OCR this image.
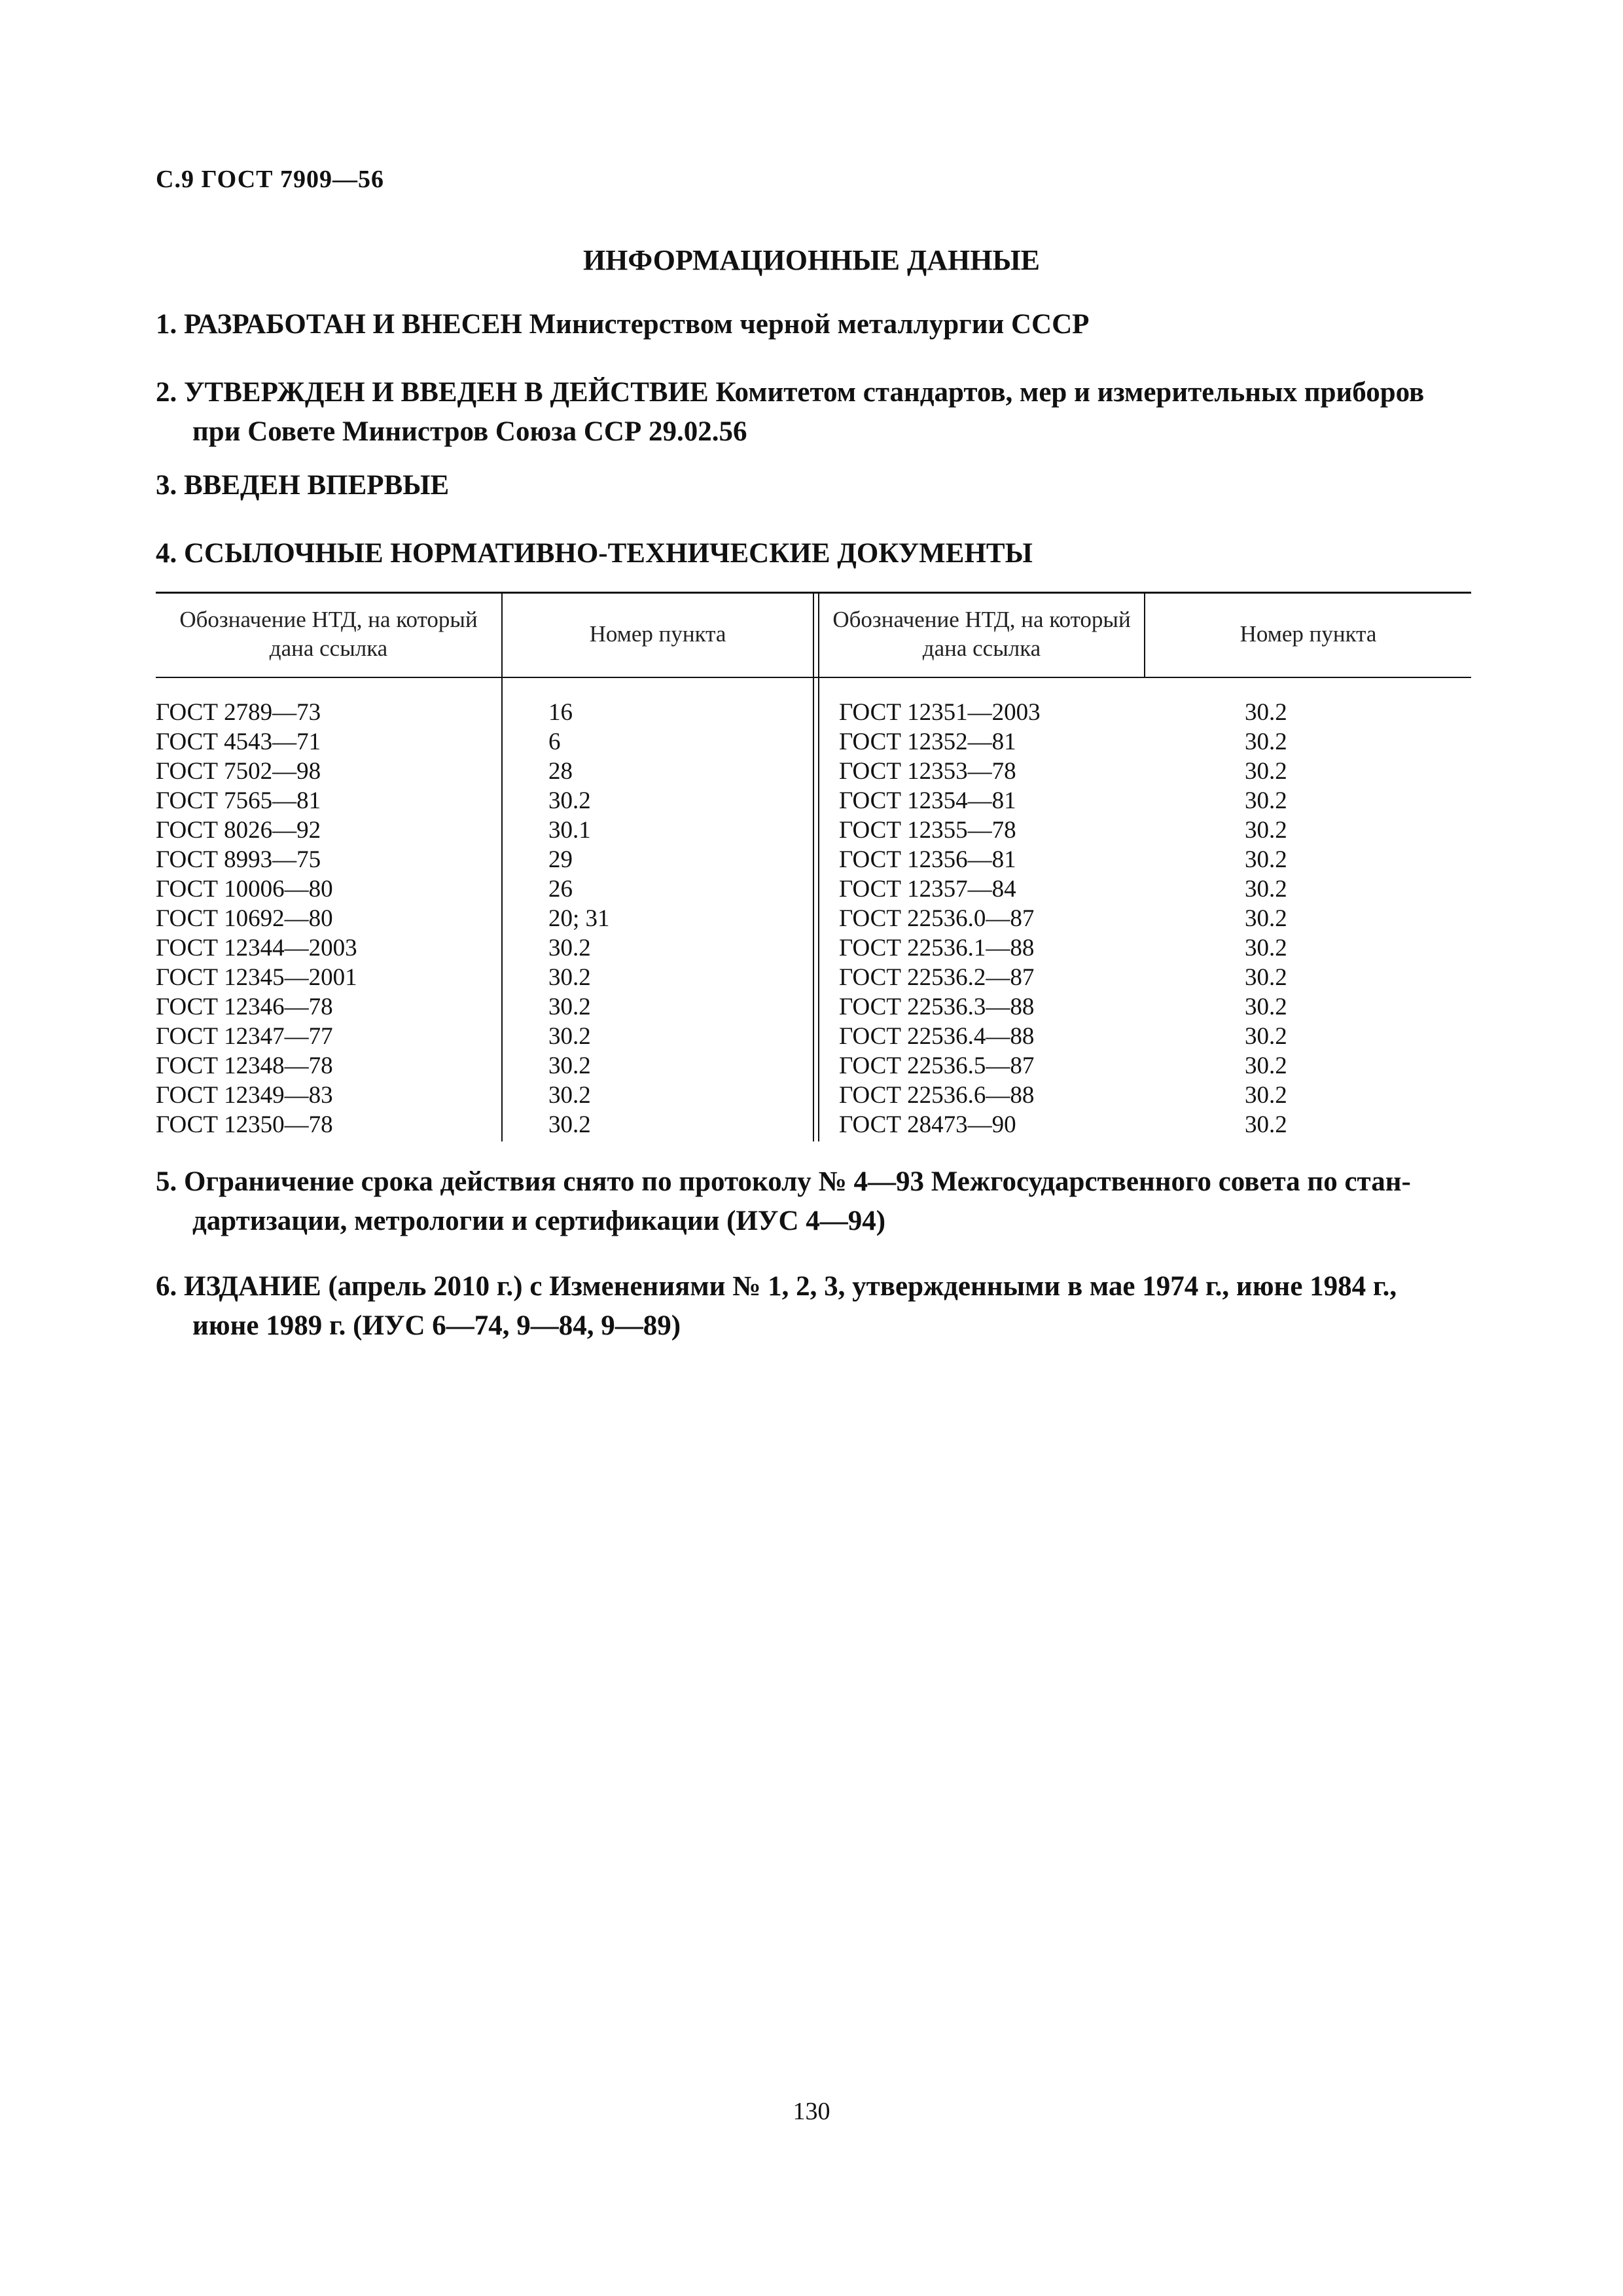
С.9 ГОСТ 7909—56
ИНФОРМАЦИОННЫЕ ДАННЫЕ
1. РАЗРАБОТАН И ВНЕСЕН Министерством черной металлургии СССР
2. УТВЕРЖДЕН И ВВЕДЕН В ДЕЙСТВИЕ Комитетом стандартов, мер и измерительных приборов
при Совете Министров Союза ССР 29.02.56
3. ВВЕДЕН ВПЕРВЫЕ
4. ССЫЛОЧНЫЕ НОРМАТИВНО-ТЕХНИЧЕСКИЕ ДОКУМЕНТЫ
Обозначение НТД, на который дана ссылка
Номер пункта
Обозначение НТД, на который дана ссылка
Номер пункта
ГОСТ 2789—73
ГОСТ 4543—71
ГОСТ 7502—98
ГОСТ 7565—81
ГОСТ 8026—92
ГОСТ 8993—75
ГОСТ 10006—80
ГОСТ 10692—80
ГОСТ 12344—2003
ГОСТ 12345—2001
ГОСТ 12346—78
ГОСТ 12347—77
ГОСТ 12348—78
ГОСТ 12349—83
ГОСТ 12350—78
16
6
28
30.2
30.1
29
26
20; 31
30.2
30.2
30.2
30.2
30.2
30.2
30.2
ГОСТ 12351—2003
ГОСТ 12352—81
ГОСТ 12353—78
ГОСТ 12354—81
ГОСТ 12355—78
ГОСТ 12356—81
ГОСТ 12357—84
ГОСТ 22536.0—87
ГОСТ 22536.1—88
ГОСТ 22536.2—87
ГОСТ 22536.3—88
ГОСТ 22536.4—88
ГОСТ 22536.5—87
ГОСТ 22536.6—88
ГОСТ 28473—90
30.2
30.2
30.2
30.2
30.2
30.2
30.2
30.2
30.2
30.2
30.2
30.2
30.2
30.2
30.2
5. Ограничение срока действия снято по протоколу № 4—93 Межгосударственного совета по стан-
дартизации, метрологии и сертификации (ИУС 4—94)
6. ИЗДАНИЕ (апрель 2010 г.) с Изменениями № 1, 2, 3, утвержденными в мае 1974 г., июне 1984 г.,
июне 1989 г. (ИУС 6—74, 9—84, 9—89)
130
